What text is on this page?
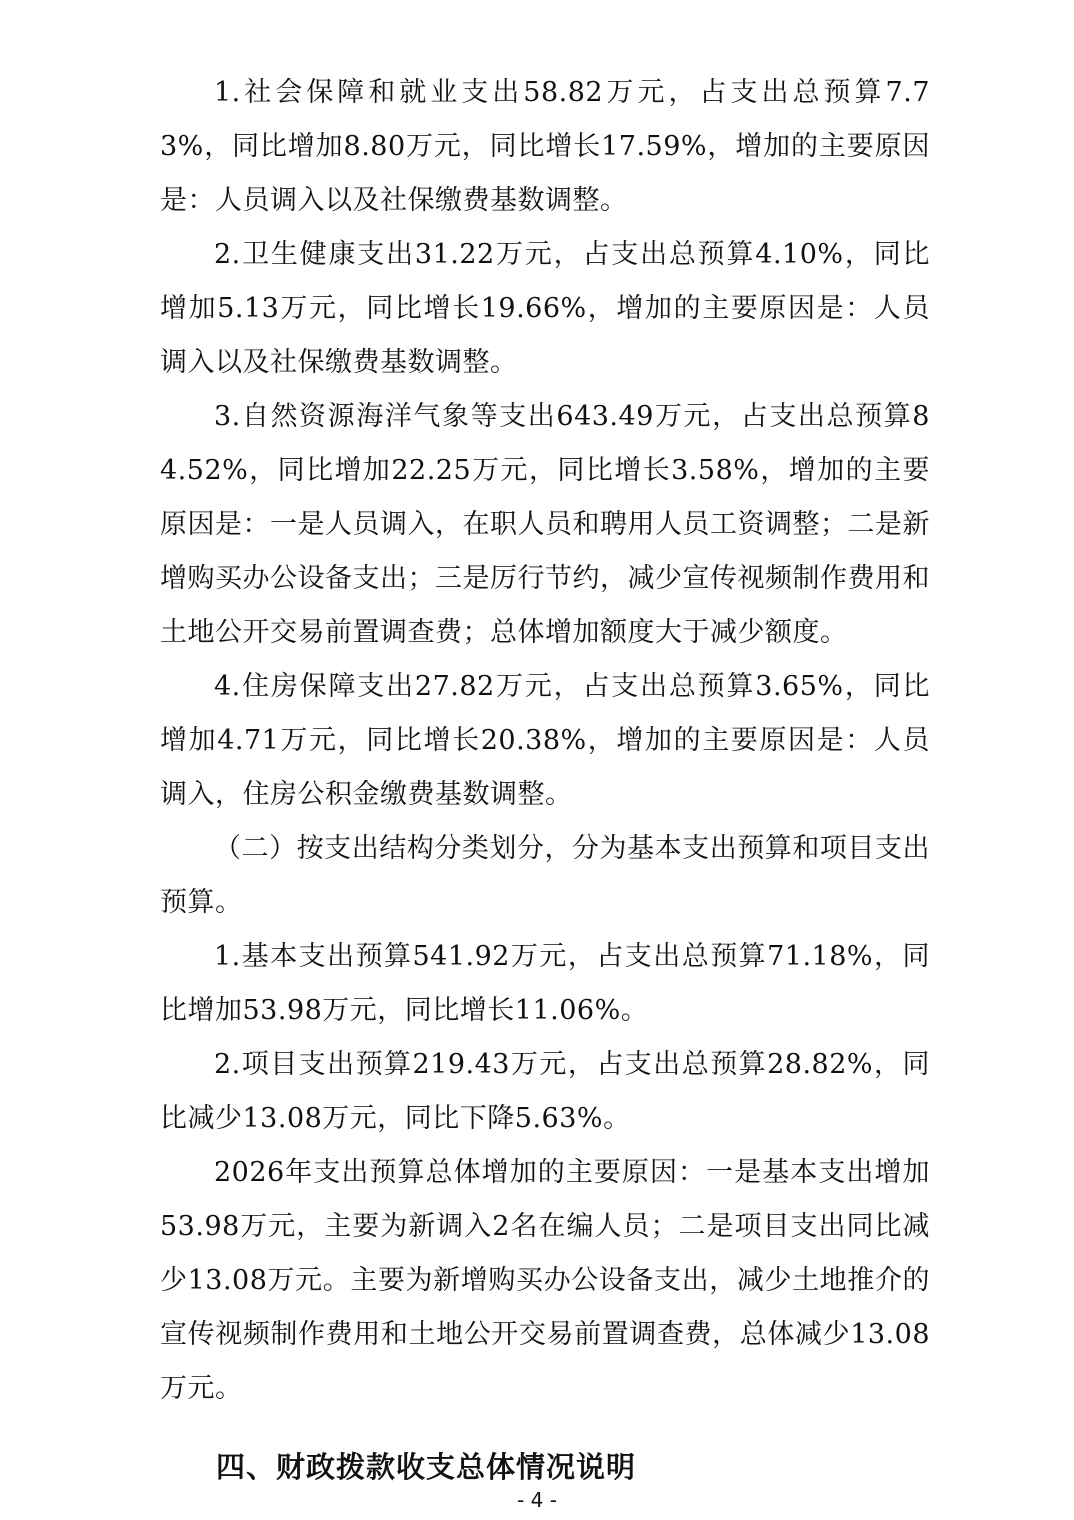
1.社会保障和就业支出58.82万元，占支出总预算7.73%，同比增加8.80万元，同比增长17.59%，增加的主要原因是：人员调入以及社保缴费基数调整。

2.卫生健康支出31.22万元，占支出总预算4.10%，同比增加5.13万元，同比增长19.66%，增加的主要原因是：人员调入以及社保缴费基数调整。

3.自然资源海洋气象等支出643.49万元，占支出总预算84.52%，同比增加22.25万元，同比增长3.58%，增加的主要原因是：一是人员调入，在职人员和聘用人员工资调整；二是新增购买办公设备支出；三是厉行节约，减少宣传视频制作费用和土地公开交易前置调查费；总体增加额度大于减少额度。

4.住房保障支出27.82万元，占支出总预算3.65%，同比增加4.71万元，同比增长20.38%，增加的主要原因是：人员调入，住房公积金缴费基数调整。

（二）按支出结构分类划分，分为基本支出预算和项目支出预算。

1.基本支出预算541.92万元，占支出总预算71.18%，同比增加53.98万元，同比增长11.06%。

2.项目支出预算219.43万元，占支出总预算28.82%，同比减少13.08万元，同比下降5.63%。

2026年支出预算总体增加的主要原因：一是基本支出增加53.98万元，主要为新调入2名在编人员；二是项目支出同比减少13.08万元。主要为新增购买办公设备支出，减少土地推介的宣传视频制作费用和土地公开交易前置调查费，总体减少13.08万元。

四、财政拨款收支总体情况说明
- 4 -
